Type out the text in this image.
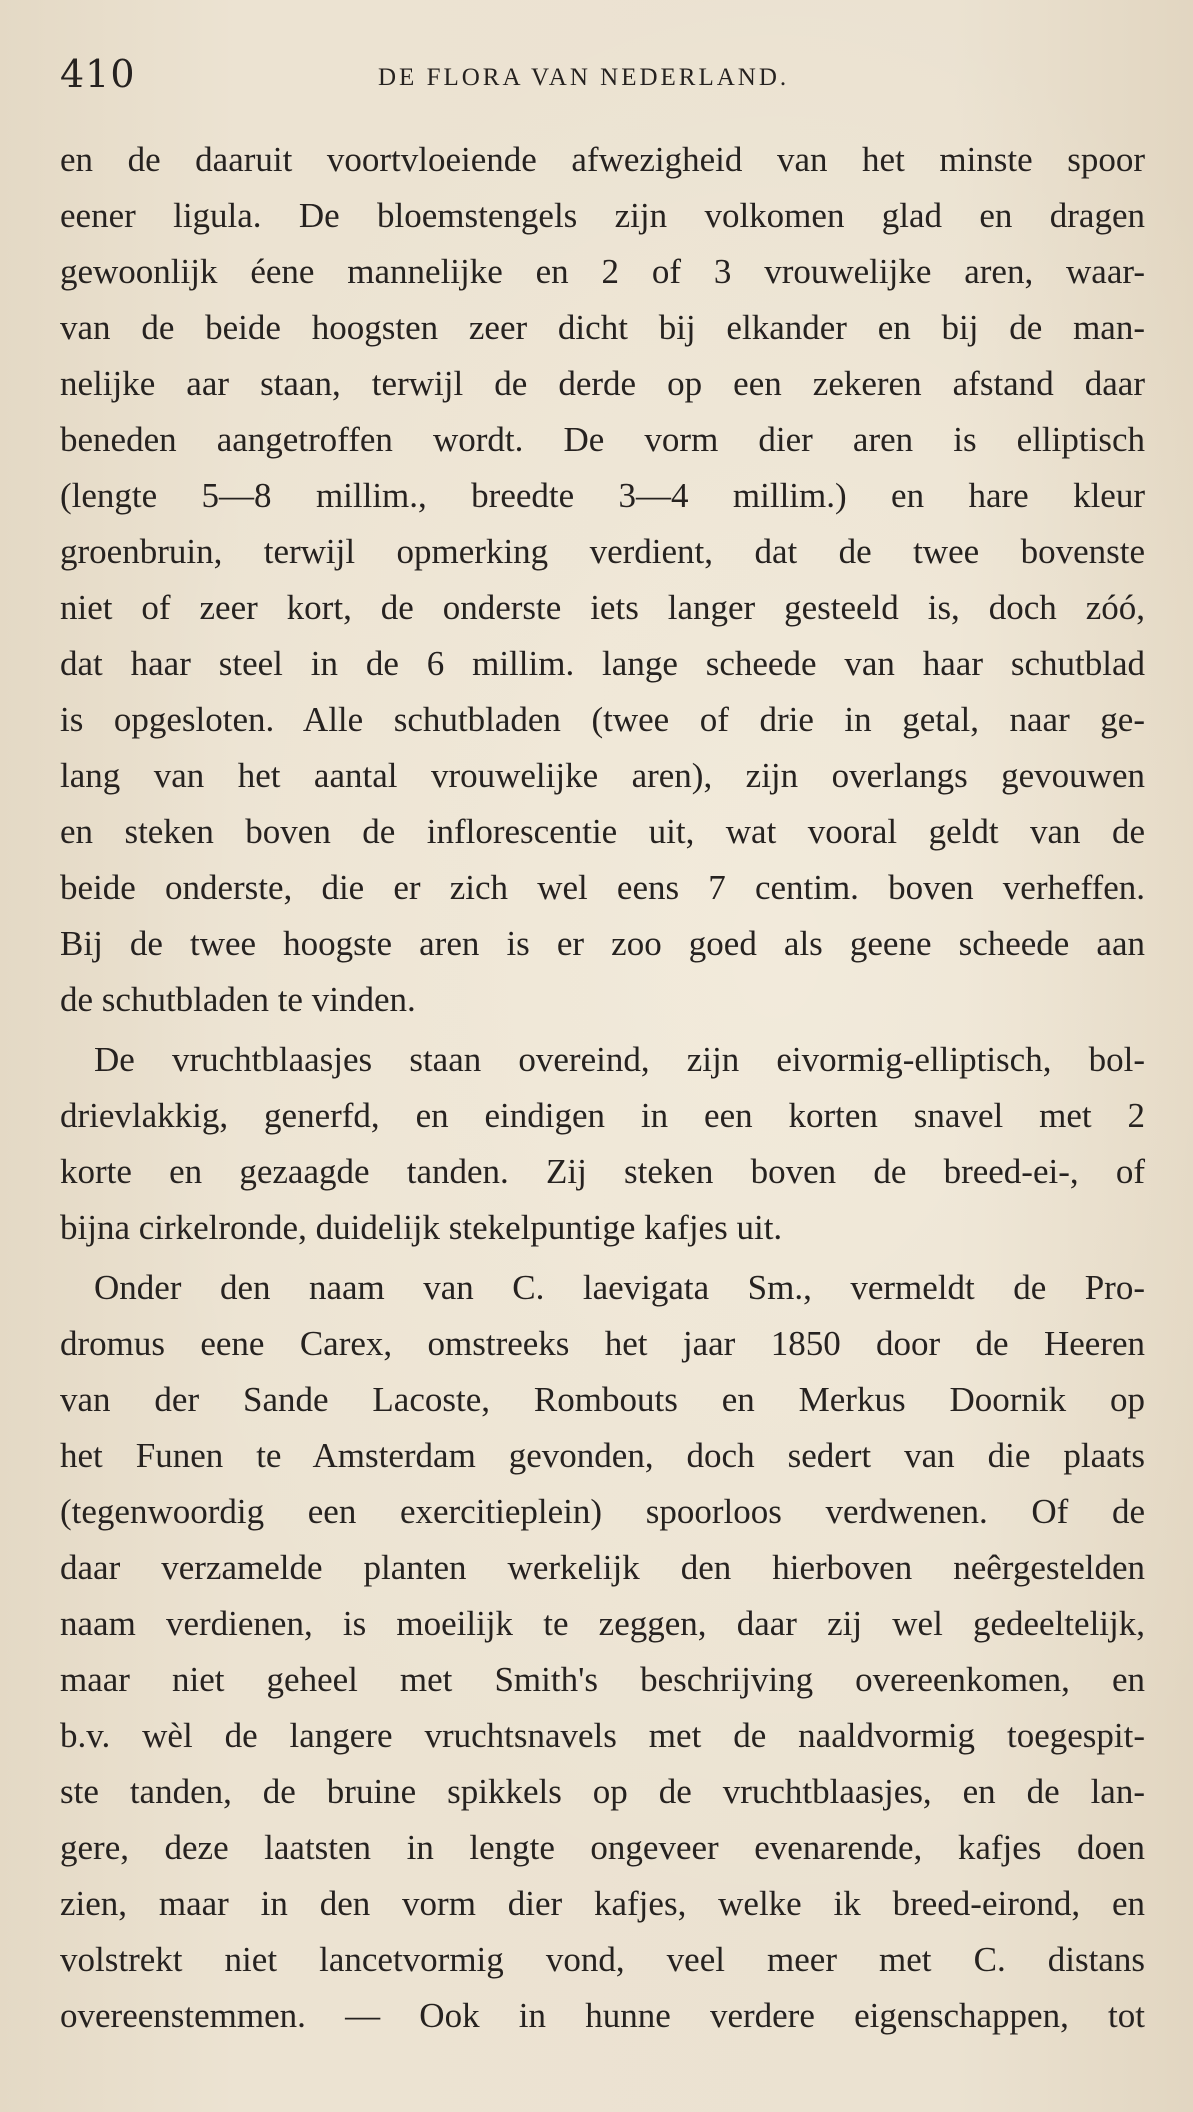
410	DE FLORA VAN NEDERLAND.
en de daaruit voortvloeiende afwezigheid van het minste spoor
eener ligula. De bloemstengels zijn volkomen glad en dragen
gewoonlijk éene mannelijke en 2 of 3 vrouwelijke aren, waar-
van de beide hoogsten zeer dicht bij elkander en bij de man-
nelijke aar staan, terwijl de derde op een zekeren afstand daar
beneden aangetroffen wordt. De vorm dier aren is elliptisch
(lengte 5—8 millim., breedte 3—4 millim.) en hare kleur
groenbruin, terwijl opmerking verdient, dat de twee bovenste
niet of zeer kort, de onderste iets langer gesteeld is, doch zóó,
dat haar steel in de 6 millim. lange scheede van haar schutblad
is opgesloten. Alle schutbladen (twee of drie in getal, naar ge-
lang van het aantal vrouwelijke aren), zijn overlangs gevouwen
en steken boven de inflorescentie uit, wat vooral geldt van de
beide onderste, die er zich wel eens 7 centim. boven verheffen.
Bij de twee hoogste aren is er zoo goed als geene scheede aan
de schutbladen te vinden.
De vruchtblaasjes staan overeind, zijn eivormig-elliptisch, bol-
drievlakkig, generfd, en eindigen in een korten snavel met 2
korte en gezaagde tanden. Zij steken boven de breed-ei-, of
bijna cirkelronde, duidelijk stekelpuntige kafjes uit.
Onder den naam van C. laevigata Sm., vermeldt de Pro-
dromus eene Carex, omstreeks het jaar 1850 door de Heeren
van der Sande Lacoste, Rombouts en Merkus Doornik op
het Funen te Amsterdam gevonden, doch sedert van die plaats
(tegenwoordig een exercitieplein) spoorloos verdwenen. Of de
daar verzamelde planten werkelijk den hierboven neêrgestelden
naam verdienen, is moeilijk te zeggen, daar zij wel gedeeltelijk,
maar niet geheel met Smith's beschrijving overeenkomen, en
b.v. wèl de langere vruchtsnavels met de naaldvormig toegespit-
ste tanden, de bruine spikkels op de vruchtblaasjes, en de lan-
gere, deze laatsten in lengte ongeveer evenarende, kafjes doen
zien, maar in den vorm dier kafjes, welke ik breed-eirond, en
volstrekt niet lancetvormig vond, veel meer met C. distans
overeenstemmen. — Ook in hunne verdere eigenschappen, tot
